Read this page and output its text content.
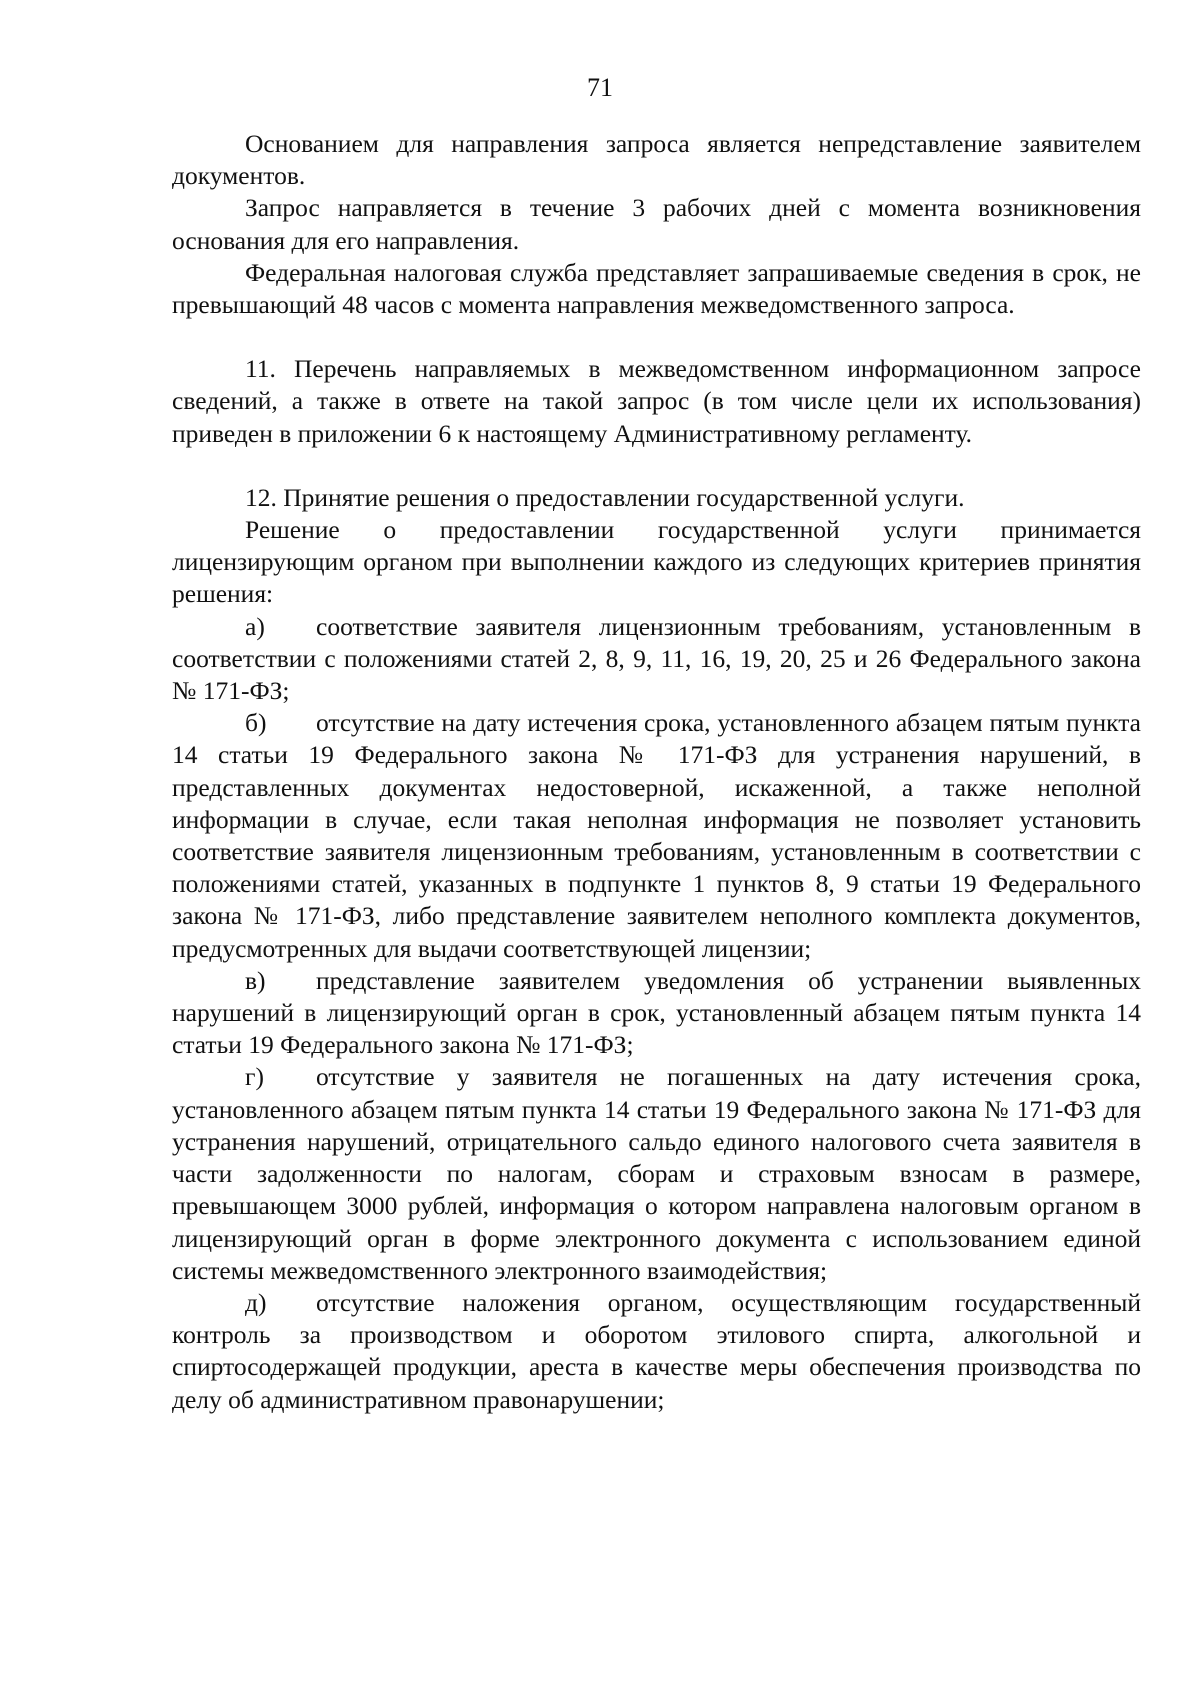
71

Основанием для направления запроса является непредставление заявителем документов.

Запрос направляется в течение 3 рабочих дней с момента возникновения основания для его направления.

Федеральная налоговая служба представляет запрашиваемые сведения в срок, не превышающий 48 часов с момента направления межведомственного запроса.

11. Перечень направляемых в межведомственном информационном запросе сведений, а также в ответе на такой запрос (в том числе цели их использования) приведен в приложении 6 к настоящему Административному регламенту.

12. Принятие решения о предоставлении государственной услуги.

Решение о предоставлении государственной услуги принимается лицензирующим органом при выполнении каждого из следующих критериев принятия решения:

а) соответствие заявителя лицензионным требованиям, установленным в соответствии с положениями статей 2, 8, 9, 11, 16, 19, 20, 25 и 26 Федерального закона № 171-ФЗ;
б) отсутствие на дату истечения срока, установленного абзацем пятым пункта 14 статьи 19 Федерального закона № 171-ФЗ для устранения нарушений, в представленных документах недостоверной, искаженной, а также неполной информации в случае, если такая неполная информация не позволяет установить соответствие заявителя лицензионным требованиям, установленным в соответствии с положениями статей, указанных в подпункте 1 пунктов 8, 9 статьи 19 Федерального закона № 171-ФЗ, либо представление заявителем неполного комплекта документов, предусмотренных для выдачи соответствующей лицензии;
в) представление заявителем уведомления об устранении выявленных нарушений в лицензирующий орган в срок, установленный абзацем пятым пункта 14 статьи 19 Федерального закона № 171-ФЗ;
г) отсутствие у заявителя не погашенных на дату истечения срока, установленного абзацем пятым пункта 14 статьи 19 Федерального закона № 171-ФЗ для устранения нарушений, отрицательного сальдо единого налогового счета заявителя в части задолженности по налогам, сборам и страховым взносам в размере, превышающем 3000 рублей, информация о котором направлена налоговым органом в лицензирующий орган в форме электронного документа с использованием единой системы межведомственного электронного взаимодействия;
д) отсутствие наложения органом, осуществляющим государственный контроль за производством и оборотом этилового спирта, алкогольной и спиртосодержащей продукции, ареста в качестве меры обеспечения производства по делу об административном правонарушении;
